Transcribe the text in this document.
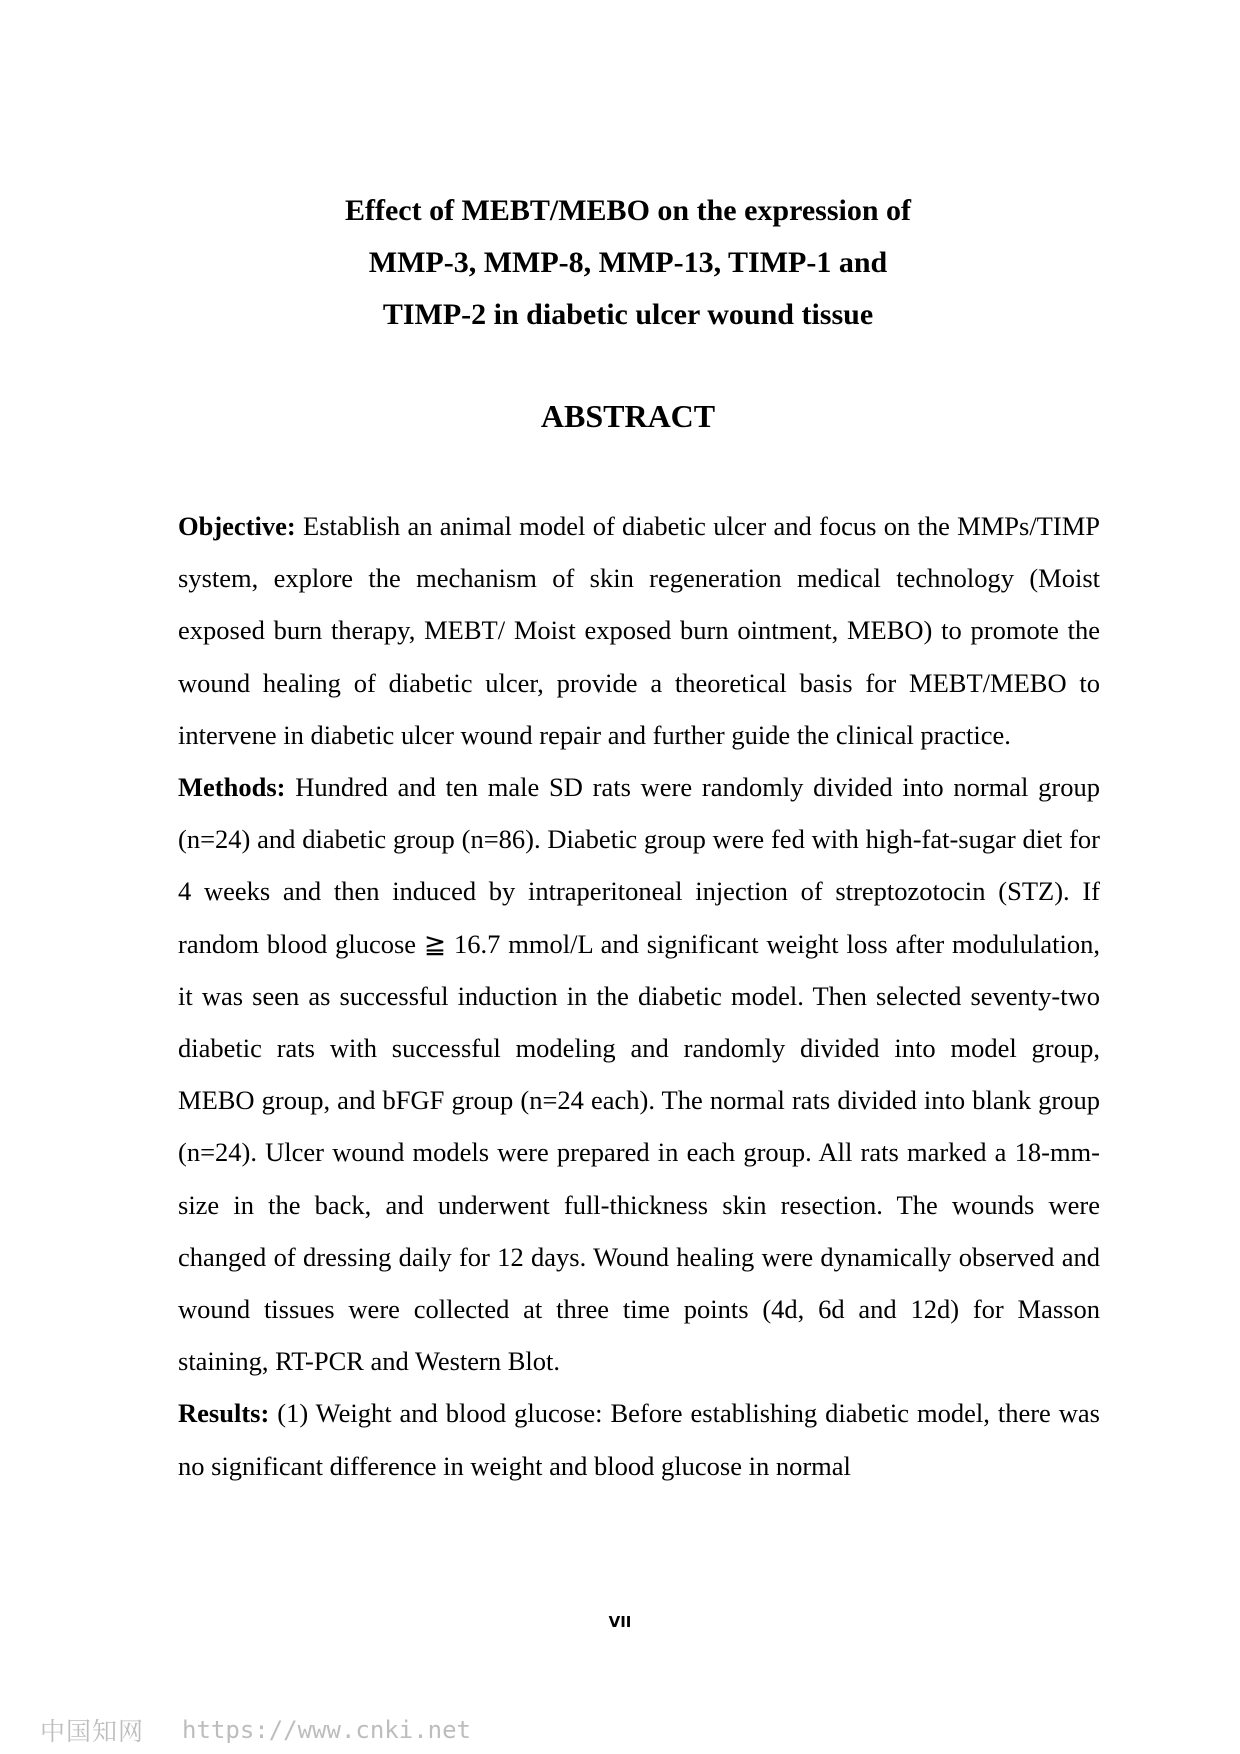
Effect of MEBT/MEBO on the expression of
MMP-3, MMP-8, MMP-13, TIMP-1 and
TIMP-2 in diabetic ulcer wound tissue
ABSTRACT

Objective: Establish an animal model of diabetic ulcer and focus on the MMPs/TIMP system, explore the mechanism of skin regeneration medical technology (Moist exposed burn therapy, MEBT/ Moist exposed burn ointment, MEBO) to promote the wound healing of diabetic ulcer, provide a theoretical basis for MEBT/MEBO to intervene in diabetic ulcer wound repair and further guide the clinical practice.

Methods: Hundred and ten male SD rats were randomly divided into normal group (n=24) and diabetic group (n=86). Diabetic group were fed with high-fat-sugar diet for 4 weeks and then induced by intraperitoneal injection of streptozotocin (STZ). If random blood glucose ≧ 16.7 mmol/L and significant weight loss after modululation, it was seen as successful induction in the diabetic model. Then selected seventy-two diabetic rats with successful modeling and randomly divided into model group, MEBO group, and bFGF group (n=24 each). The normal rats divided into blank group (n=24). Ulcer wound models were prepared in each group. All rats marked a 18-mm-size in the back, and underwent full-thickness skin resection. The wounds were changed of dressing daily for 12 days. Wound healing were dynamically observed and wound tissues were collected at three time points (4d, 6d and 12d) for Masson staining, RT-PCR and Western Blot.

Results: (1) Weight and blood glucose: Before establishing diabetic model, there was no significant difference in weight and blood glucose in normal

VII
中国知网 https://www.cnki.net
